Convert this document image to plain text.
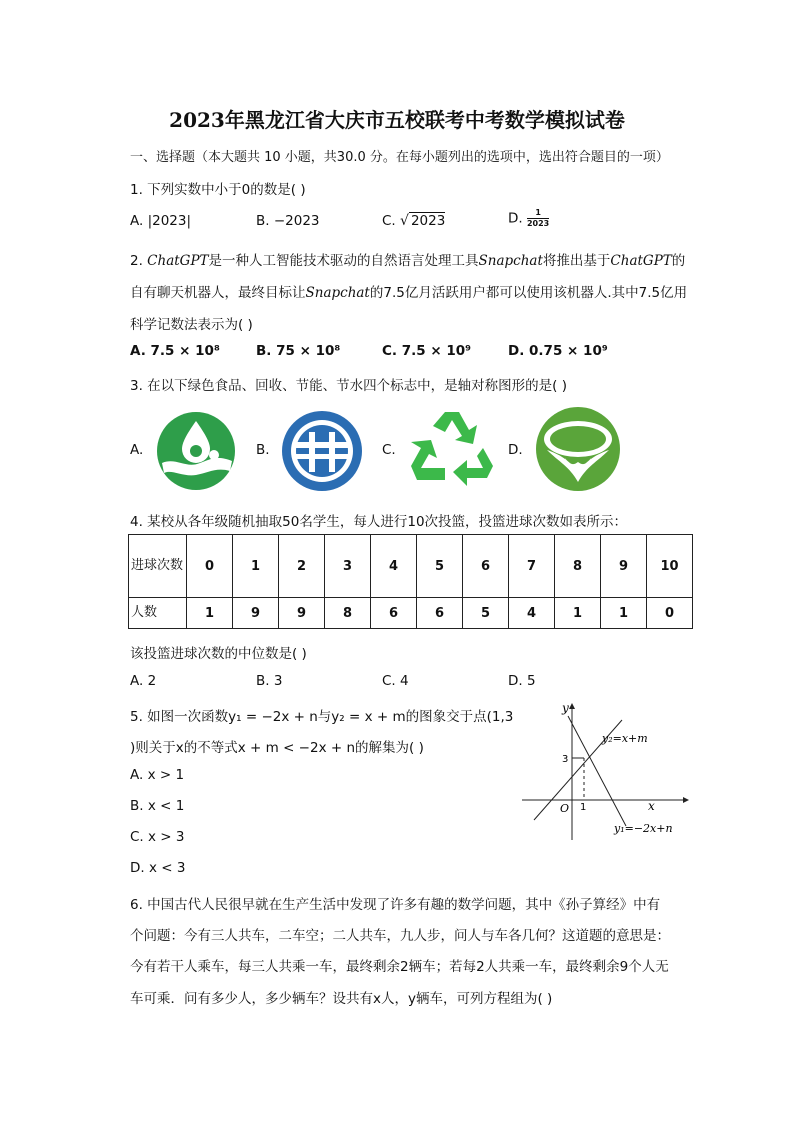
2023年黑龙江省大庆市五校联考中考数学模拟试卷
一、选择题（本大题共 10 小题，共30.0 分。在每小题列出的选项中，选出符合题目的一项）
1. 下列实数中小于0的数是( )
A. |2023|	B. −2023	C. √ 2023	D. $\frac{1}{2023}$
2. ChatGPT是一种人工智能技术驱动的自然语言处理工具Snapchat将推出基于ChatGPT的
自有聊天机器人，最终目标让Snapchat的7.5亿月活跃用户都可以使用该机器人.其中7.5亿用
科学记数法表示为( )
A. 7.5 × 10⁸	B. 75 × 10⁸	C. 7.5 × 10⁹	D. 0.75 × 10⁹
3. 在以下绿色食品、回收、节能、节水四个标志中，是轴对称图形的是( )
A.	B.	C.	D.
4. 某校从各年级随机抽取50名学生，每人进行10次投篮，投篮进球次数如表所示：
进球次数	0	1	2	3	4	5	6	7	8	9	10
人数	1	9	9	8	6	6	5	4	1	1	0
该投篮进球次数的中位数是( )
A. 2	B. 3	C. 4	D. 5
5. 如图一次函数y₁ = −2x + n与y₂ = x + m的图象交于点(1,3
)则关于x的不等式x + m < −2x + n的解集为( )
A. x > 1
B. x < 1
C. x > 3
D. x < 3
y
x
O 1
3
y₂=x+m
y₁=−2x+n
6. 中国古代人民很早就在生产生活中发现了许多有趣的数学问题，其中《孙子算经》中有
个问题：今有三人共车，二车空；二人共车，九人步，问人与车各几何？这道题的意思是：
今有若干人乘车，每三人共乘一车，最终剩余2辆车；若每2人共乘一车，最终剩余9个人无
车可乘．问有多少人，多少辆车？设共有x人，y辆车，可列方程组为( )
